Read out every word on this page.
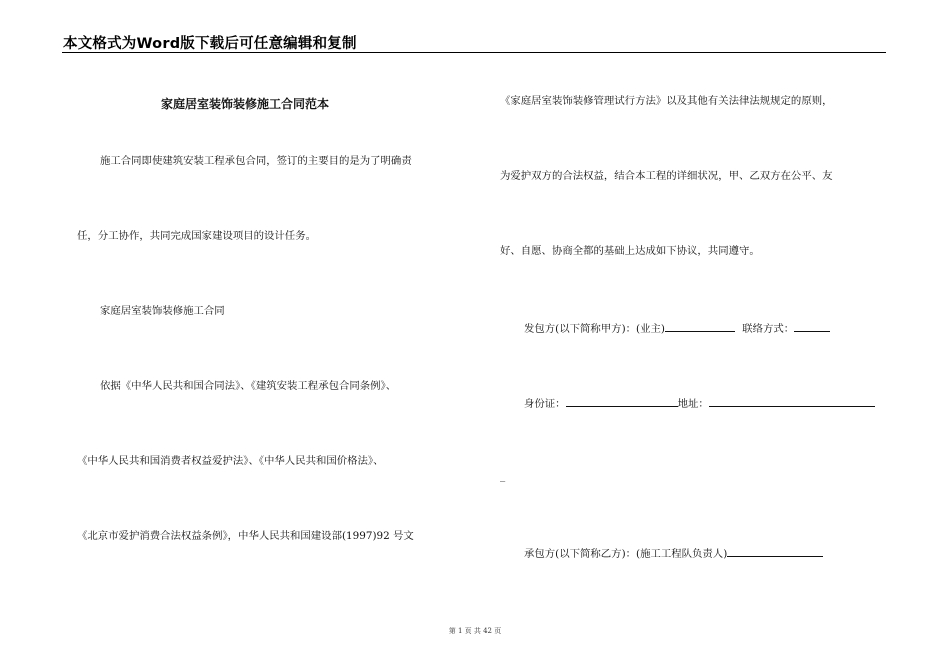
本文格式为Word版下载后可任意编辑和复制
家庭居室装饰装修施工合同范本
施工合同即使建筑安装工程承包合同，签订的主要目的是为了明确责
任，分工协作，共同完成国家建设项目的设计任务。
家庭居室装饰装修施工合同
依据《中华人民共和国合同法》、《建筑安装工程承包合同条例》、
《中华人民共和国消费者权益爱护法》、《中华人民共和国价格法》、
《北京市爱护消费合法权益条例》，中华人民共和国建设部(1997)92 号文
《家庭居室装饰装修管理试行方法》以及其他有关法律法规规定的原则，
为爱护双方的合法权益，结合本工程的详细状况，甲、乙双方在公平、友
好、自愿、协商全都的基础上达成如下协议，共同遵守。
发包方(以下简称甲方)：(业主)	联络方式：
身份证：	地址：
_
承包方(以下简称乙方)：(施工工程队负责人)
第 1 页 共 42 页
